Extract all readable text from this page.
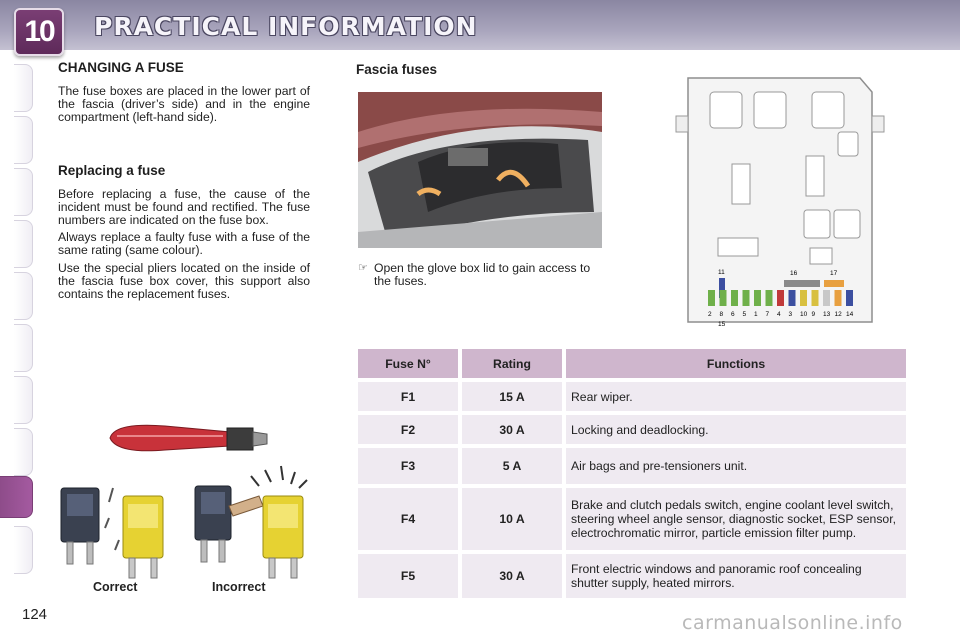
10	PRACTICAL INFORMATION
CHANGING A FUSE

The fuse boxes are placed in the lower part of the fascia (driver’s side) and in the engine compartment (left-hand side).

Replacing a fuse

Before replacing a fuse, the cause of the incident must be found and rectified. The fuse numbers are indicated on the fuse box.

Always replace a faulty fuse with a fuse of the same rating (same colour).

Use the special pliers located on the inside of the fascia fuse box cover, this support also contains the replacement fuses.

Correct	Incorrect
Fascia fuses
☞ Open the glove box lid to gain access to the fuses.
11	16	17
15
2 8 6 5 1 7 4 3 10 9 13 12 14
Fuse N°	Rating	Functions
F1	15 A	Rear wiper.
F2	30 A	Locking and deadlocking.
F3	5 A	Air bags and pre-tensioners unit.
F4	10 A	Brake and clutch pedals switch, engine coolant level switch, steering wheel angle sensor, diagnostic socket, ESP sensor, electrochromatic mirror, particle emission filter pump.
F5	30 A	Front electric windows and panoramic roof concealing shutter supply, heated mirrors.
124	carmanualsonline.info
